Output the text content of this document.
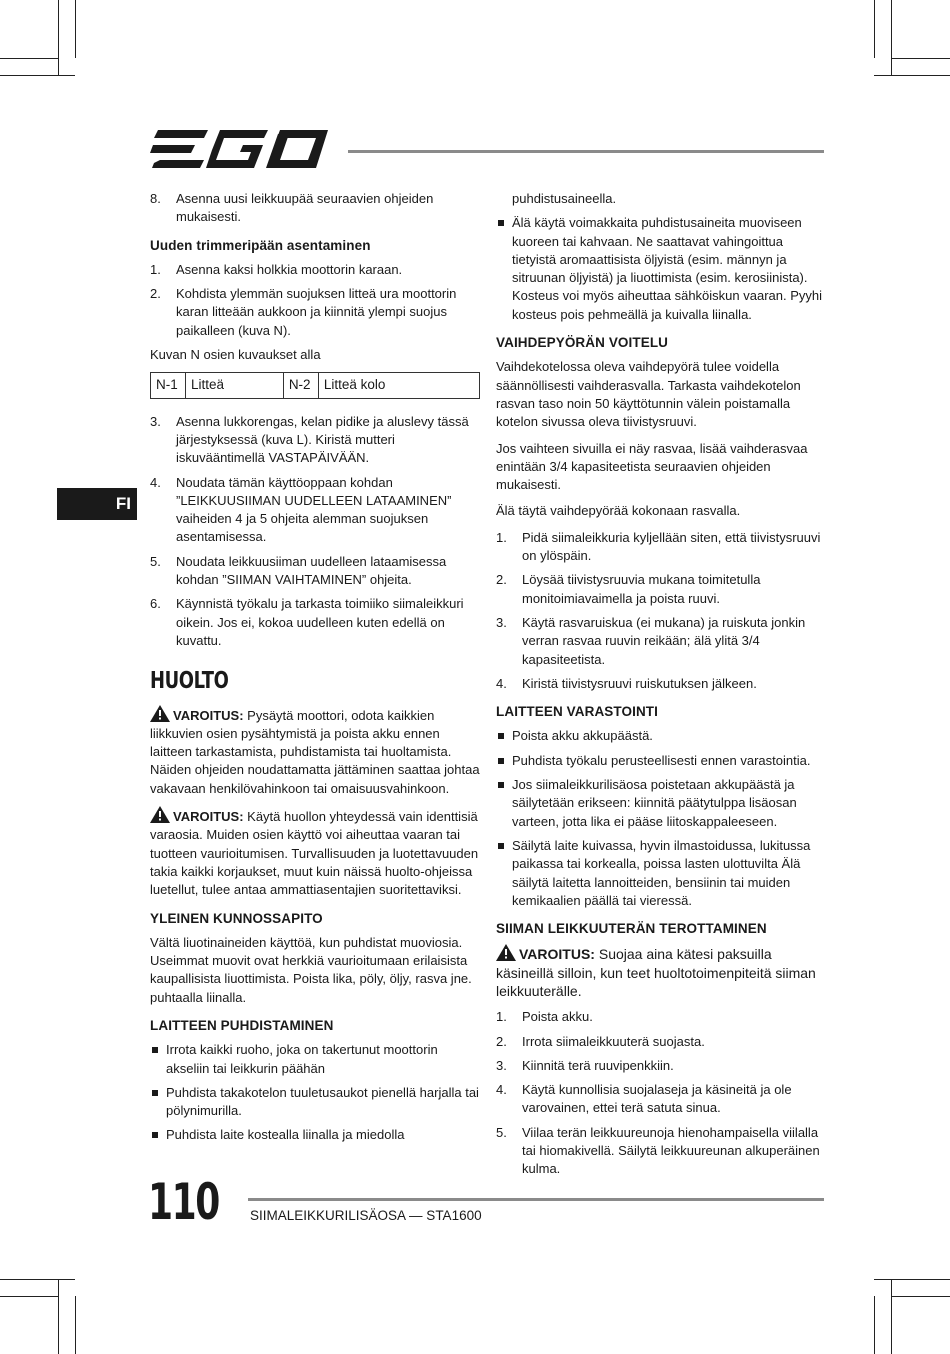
FI
8. Asenna uusi leikkuupää seuraavien ohjeiden mukaisesti.
Uuden trimmeripään asentaminen
1. Asenna kaksi holkkia moottorin karaan.
2. Kohdista ylemmän suojuksen litteä ura moottorin karan litteään aukkoon ja kiinnitä ylempi suojus paikalleen (kuva N).

Kuvan N osien kuvaukset alla

N-1	Litteä	N-2	Litteä kolo
3. Asenna lukkorengas, kelan pidike ja aluslevy tässä järjestyksessä (kuva L). Kiristä mutteri iskuvääntimellä VASTAPÄIVÄÄN.
4. Noudata tämän käyttöoppaan kohdan ”LEIKKUUSIIMAN UUDELLEEN LATAAMINEN” vaiheiden 4 ja 5 ohjeita alemman suojuksen asentamisessa.
5. Noudata leikkuusiiman uudelleen lataamisessa kohdan ”SIIMAN VAIHTAMINEN” ohjeita.
6. Käynnistä työkalu ja tarkasta toimiiko siimaleikkuri oikein. Jos ei, kokoa uudelleen kuten edellä on kuvattu.
HUOLTO

VAROITUS: Pysäytä moottori, odota kaikkien liikkuvien osien pysähtymistä ja poista akku ennen laitteen tarkastamista, puhdistamista tai huoltamista. Näiden ohjeiden noudattamatta jättäminen saattaa johtaa vakavaan henkilövahinkoon tai omaisuusvahinkoon.

VAROITUS: Käytä huollon yhteydessä vain identtisiä varaosia. Muiden osien käyttö voi aiheuttaa vaaran tai tuotteen vaurioitumisen. Turvallisuuden ja luotettavuuden takia kaikki korjaukset, muut kuin näissä huolto-ohjeissa luetellut, tulee antaa ammattiasentajien suoritettaviksi.

YLEINEN KUNNOSSAPITO

Vältä liuotinaineiden käyttöä, kun puhdistat muoviosia. Useimmat muovit ovat herkkiä vaurioitumaan erilaisista kaupallisista liuottimista. Poista lika, pöly, öljy, rasva jne. puhtaalla liinalla.

LAITTEEN PUHDISTAMINEN
Irrota kaikki ruoho, joka on takertunut moottorin akseliin tai leikkurin päähän
Puhdista takakotelon tuuletusaukot pienellä harjalla tai pölynimurilla.
Puhdista laite kostealla liinalla ja miedolla

puhdistusaineella.

Älä käytä voimakkaita puhdistusaineita muoviseen kuoreen tai kahvaan. Ne saattavat vahingoittua tietyistä aromaattisista öljyistä (esim. männyn ja sitruunan öljyistä) ja liuottimista (esim. kerosiinista). Kosteus voi myös aiheuttaa sähköiskun vaaran. Pyyhi kosteus pois pehmeällä ja kuivalla liinalla.
VAIHDEPYÖRÄN VOITELU

Vaihdekotelossa oleva vaihdepyörä tulee voidella säännöllisesti vaihderasvalla. Tarkasta vaihdekotelon rasvan taso noin 50 käyttötunnin välein poistamalla kotelon sivussa oleva tiivistysruuvi.

Jos vaihteen sivuilla ei näy rasvaa, lisää vaihderasvaa enintään 3/4 kapasiteetista seuraavien ohjeiden mukaisesti.

Älä täytä vaihdepyörää kokonaan rasvalla.

1. Pidä siimaleikkuria kyljellään siten, että tiivistysruuvi on ylöspäin.
2. Löysää tiivistysruuvia mukana toimitetulla monitoimiavaimella ja poista ruuvi.
3. Käytä rasvaruiskua (ei mukana) ja ruiskuta jonkin verran rasvaa ruuvin reikään; älä ylitä 3/4 kapasiteetista.
4. Kiristä tiivistysruuvi ruiskutuksen jälkeen.
LAITTEEN VARASTOINTI
Poista akku akkupäästä.
Puhdista työkalu perusteellisesti ennen varastointia.
Jos siimaleikkurilisäosa poistetaan akkupäästä ja säilytetään erikseen: kiinnitä päätytulppa lisäosan varteen, jotta lika ei pääse liitoskappaleeseen.
Säilytä laite kuivassa, hyvin ilmastoidussa, lukitussa paikassa tai korkealla, poissa lasten ulottuvilta Älä säilytä laitetta lannoitteiden, bensiinin tai muiden kemikaalien päällä tai vieressä.
SIIMAN LEIKKUUTERÄN TEROTTAMINEN

VAROITUS: Suojaa aina kätesi paksuilla käsineillä silloin, kun teet huoltotoimenpiteitä siiman leikkuuterälle.

1. Poista akku.
2. Irrota siimaleikkuuterä suojasta.
3. Kiinnitä terä ruuvipenkkiin.
4. Käytä kunnollisia suojalaseja ja käsineitä ja ole varovainen, ettei terä satuta sinua.
5. Viilaa terän leikkuureunoja hienohampaisella viilalla tai hiomakivellä. Säilytä leikkuureunan alkuperäinen kulma.
110 SIIMALEIKKURILISÄOSA — STA1600
